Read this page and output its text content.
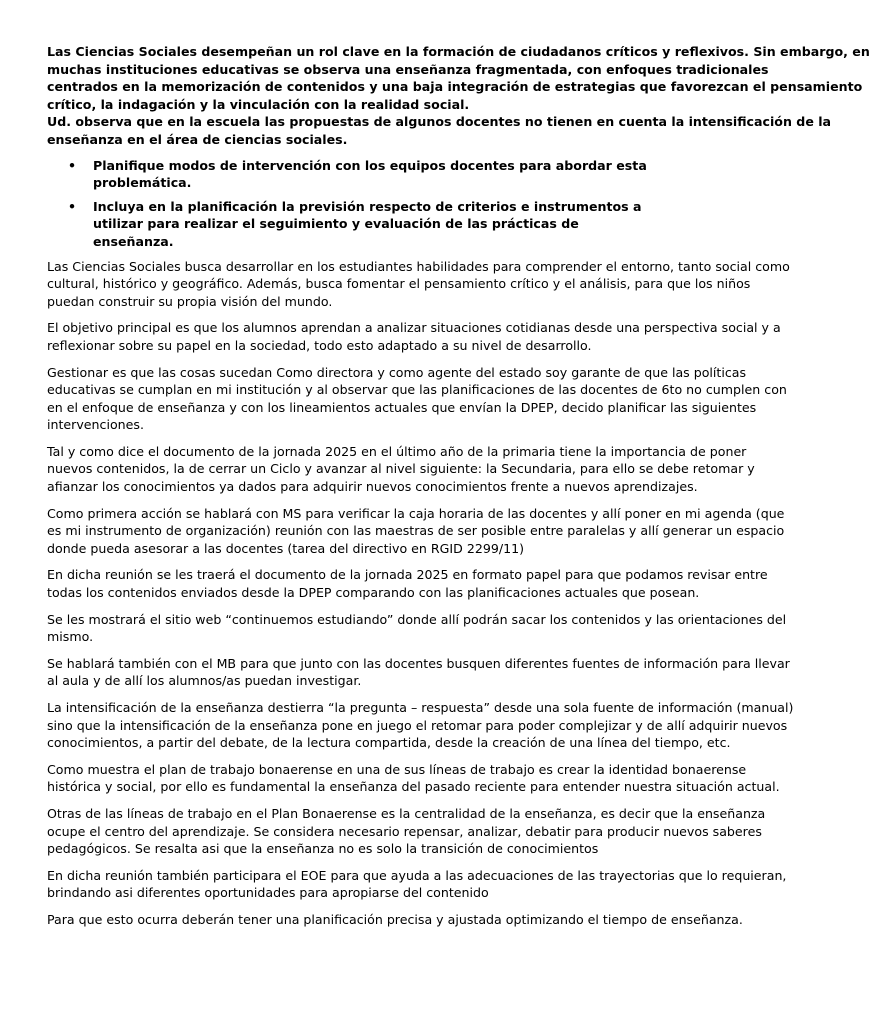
Las Ciencias Sociales desempeñan un rol clave en la formación de ciudadanos críticos y reflexivos. Sin embargo, en
muchas instituciones educativas se observa una enseñanza fragmentada, con enfoques tradicionales
centrados en la memorización de contenidos y una baja integración de estrategias que favorezcan el pensamiento
crítico, la indagación y la vinculación con la realidad social.
Ud. observa que en la escuela las propuestas de algunos docentes no tienen en cuenta la intensificación de la
enseñanza en el área de ciencias sociales.
• Planifique modos de intervención con los equipos docentes para abordar esta
problemática.
• Incluya en la planificación la previsión respecto de criterios e instrumentos a
utilizar para realizar el seguimiento y evaluación de las prácticas de
enseñanza.

Las Ciencias Sociales busca desarrollar en los estudiantes habilidades para comprender el entorno, tanto social como
cultural, histórico y geográfico. Además, busca fomentar el pensamiento crítico y el análisis, para que los niños
puedan construir su propia visión del mundo.

El objetivo principal es que los alumnos aprendan a analizar situaciones cotidianas desde una perspectiva social y a
reflexionar sobre su papel en la sociedad, todo esto adaptado a su nivel de desarrollo.

Gestionar es que las cosas sucedan Como directora y como agente del estado soy garante de que las políticas
educativas se cumplan en mi institución y al observar que las planificaciones de las docentes de 6to no cumplen con
en el enfoque de enseñanza y con los lineamientos actuales que envían la DPEP, decido planificar las siguientes
intervenciones.

Tal y como dice el documento de la jornada 2025 en el último año de la primaria tiene la importancia de poner
nuevos contenidos, la de cerrar un Ciclo y avanzar al nivel siguiente: la Secundaria, para ello se debe retomar y
afianzar los conocimientos ya dados para adquirir nuevos conocimientos frente a nuevos aprendizajes.

Como primera acción se hablará con MS para verificar la caja horaria de las docentes y allí poner en mi agenda (que
es mi instrumento de organización) reunión con las maestras de ser posible entre paralelas y allí generar un espacio
donde pueda asesorar a las docentes (tarea del directivo en RGID 2299/11)

En dicha reunión se les traerá el documento de la jornada 2025 en formato papel para que podamos revisar entre
todas los contenidos enviados desde la DPEP comparando con las planificaciones actuales que posean.

Se les mostrará el sitio web “continuemos estudiando” donde allí podrán sacar los contenidos y las orientaciones del
mismo.

Se hablará también con el MB para que junto con las docentes busquen diferentes fuentes de información para llevar
al aula y de allí los alumnos/as puedan investigar.

La intensificación de la enseñanza destierra “la pregunta – respuesta” desde una sola fuente de información (manual)
sino que la intensificación de la enseñanza pone en juego el retomar para poder complejizar y de allí adquirir nuevos
conocimientos, a partir del debate, de la lectura compartida, desde la creación de una línea del tiempo, etc.

Como muestra el plan de trabajo bonaerense en una de sus líneas de trabajo es crear la identidad bonaerense
histórica y social, por ello es fundamental la enseñanza del pasado reciente para entender nuestra situación actual.

Otras de las líneas de trabajo en el Plan Bonaerense es la centralidad de la enseñanza, es decir que la enseñanza
ocupe el centro del aprendizaje. Se considera necesario repensar, analizar, debatir para producir nuevos saberes
pedagógicos. Se resalta asi que la enseñanza no es solo la transición de conocimientos

En dicha reunión también participara el EOE para que ayuda a las adecuaciones de las trayectorias que lo requieran,
brindando asi diferentes oportunidades para apropiarse del contenido

Para que esto ocurra deberán tener una planificación precisa y ajustada optimizando el tiempo de enseñanza.
